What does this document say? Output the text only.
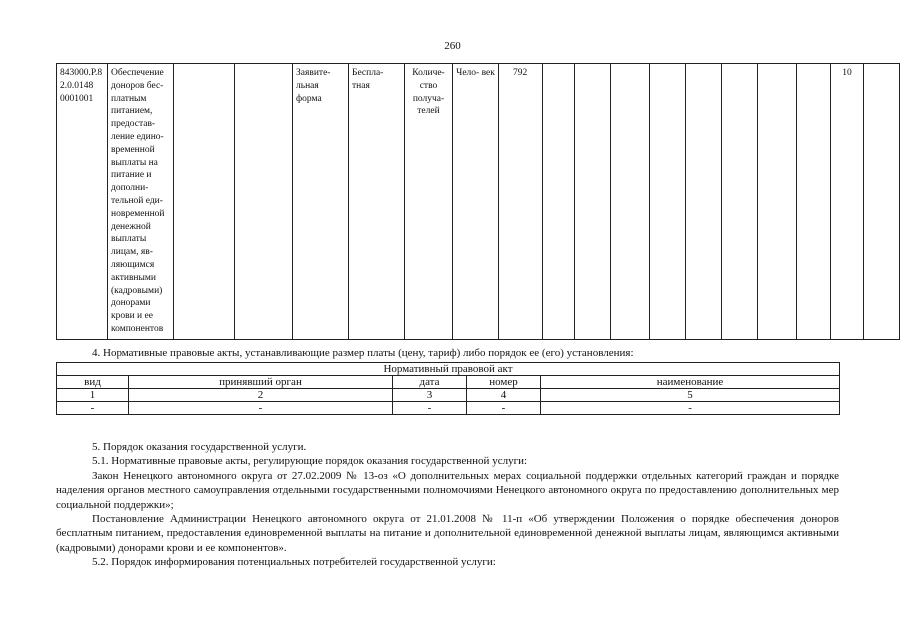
260
843000.Р.82.0.0148 0001001	Обеспечение доноров бес- платным питанием, предостав- ление едино- временной выплаты на питание и дополни- тельной еди- новременной денежной выплаты лицам, яв- ляющимся активными (кадровыми) донорами крови и ее компонентов			Заявите- льная форма	Бесплa- тная	Количе- ство получа- телей	Чело- век	792									10	
4. Нормативные правовые акты, устанавливающие размер платы (цену, тариф) либо порядок ее (его) установления:
Нормативный правовой акт				
вид	принявший орган	дата	номер	наименование
1	2	3	4	5
-	-	-	-	-

5. Порядок оказания государственной услуги.

5.1. Нормативные правовые акты, регулирующие порядок оказания государственной услуги:

Закон Ненецкого автономного округа от 27.02.2009 № 13-оз «О дополнительных мерах социальной поддержки отдельных категорий граждан и порядке наделения органов местного самоуправления отдельными государственными полномочиями Ненецкого автономного округа по предоставлению дополнительных мер социальной поддержки»;

Постановление Администрации Ненецкого автономного округа от 21.01.2008 № 11-п «Об утверждении Положения о порядке обеспечения доноров бесплатным питанием, предоставления единовременной выплаты на питание и дополнительной единовременной денежной выплаты лицам, являющимся активными (кадровыми) донорами крови и ее компонентов».

5.2. Порядок информирования потенциальных потребителей государственной услуги:
